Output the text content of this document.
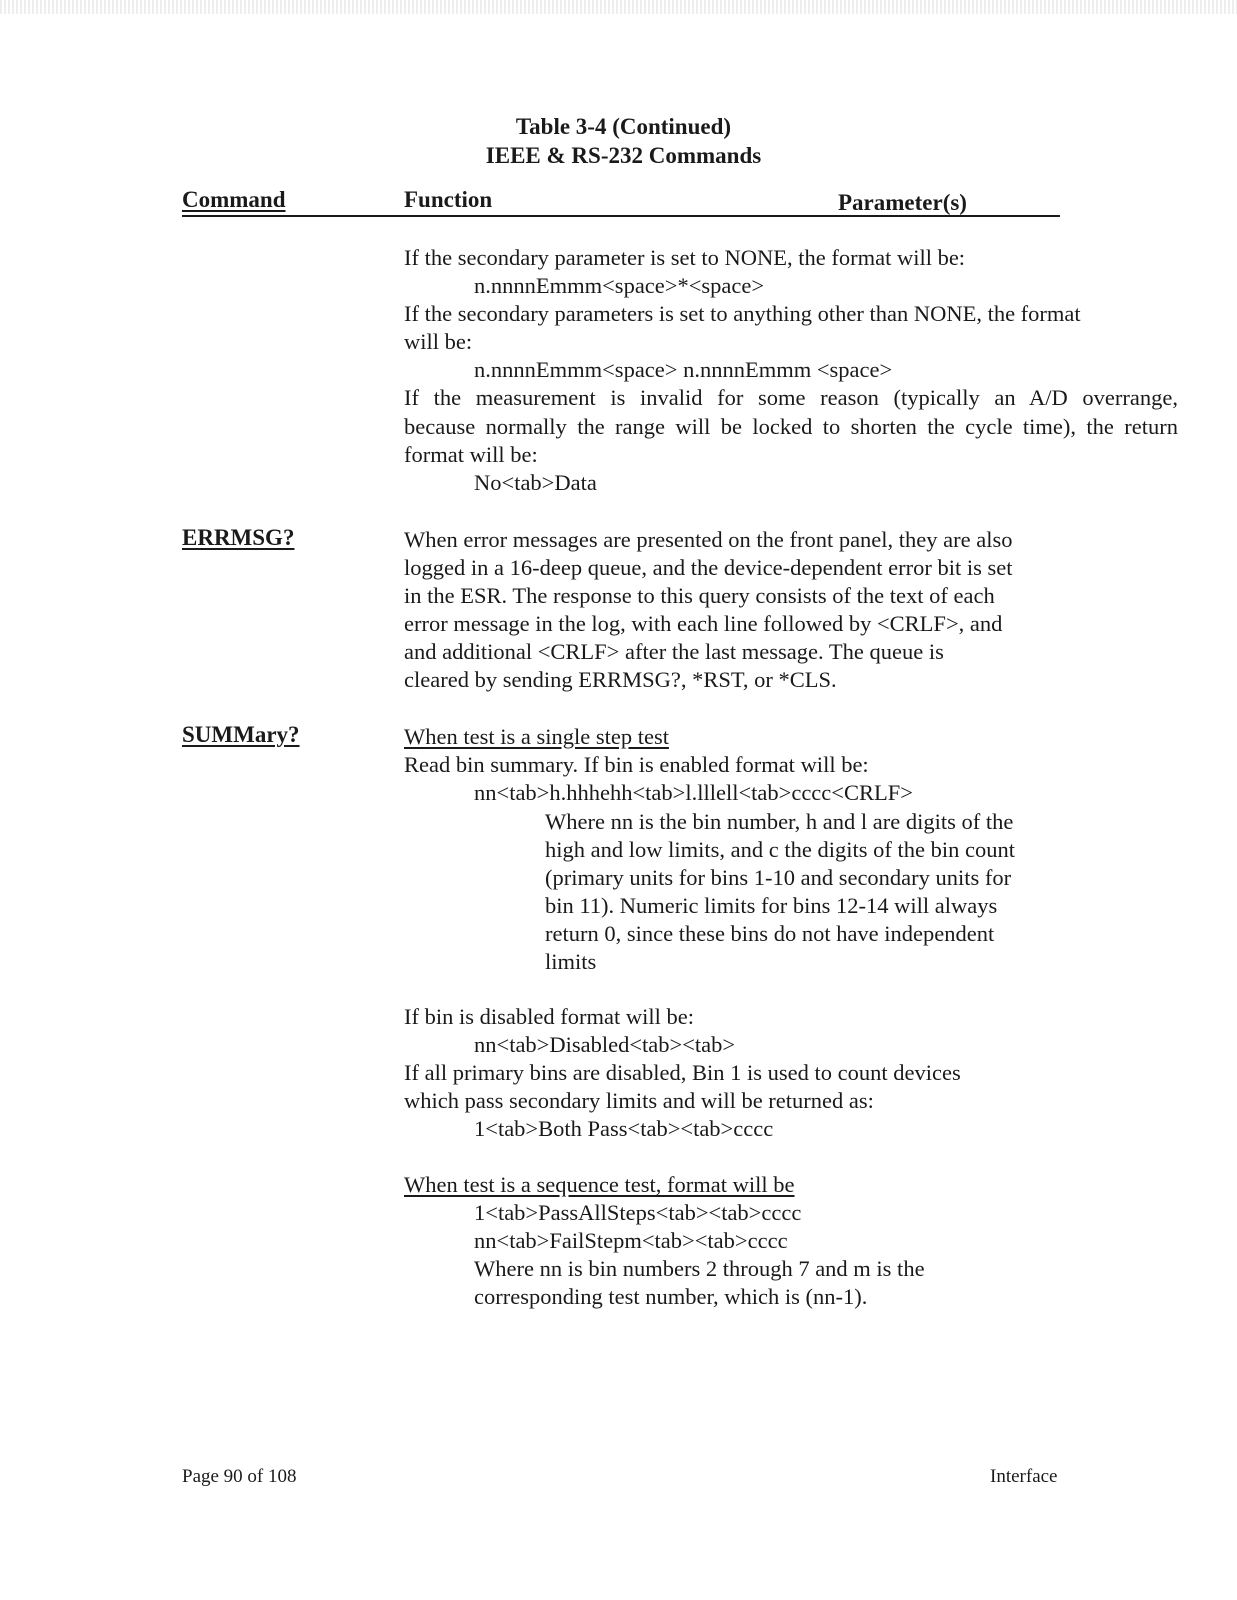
Table 3-4 (Continued)
IEEE & RS-232 Commands
Command	Function	Parameter(s)
If the secondary parameter is set to NONE, the format will be:
n.nnnnEmmm<space>*<space>
If the secondary parameters is set to anything other than NONE, the format
will be:
n.nnnnEmmm<space> n.nnnnEmmm <space>
If the measurement is invalid for some reason (typically an A/D overrange,
because normally the range will be locked to shorten the cycle time), the return
format will be:
No<tab>Data
ERRMSG?	When error messages are presented on the front panel, they are also
logged in a 16-deep queue, and the device-dependent error bit is set
in the ESR. The response to this query consists of the text of each
error message in the log, with each line followed by <CRLF>, and
and additional <CRLF> after the last message. The queue is
cleared by sending ERRMSG?, *RST, or *CLS.
SUMMary?	When test is a single step test
Read bin summary. If bin is enabled format will be:
nn<tab>h.hhhehh<tab>l.lllell<tab>cccc<CRLF>
Where nn is the bin number, h and l are digits of the
high and low limits, and c the digits of the bin count
(primary units for bins 1-10 and secondary units for
bin 11). Numeric limits for bins 12-14 will always
return 0, since these bins do not have independent
limits
If bin is disabled format will be:
nn<tab>Disabled<tab><tab>
If all primary bins are disabled, Bin 1 is used to count devices
which pass secondary limits and will be returned as:
1<tab>Both Pass<tab><tab>cccc
When test is a sequence test, format will be
1<tab>PassAllSteps<tab><tab>cccc
nn<tab>FailStepm<tab><tab>cccc
Where nn is bin numbers 2 through 7 and m is the
corresponding test number, which is (nn-1).
Page 90 of 108	Interface
